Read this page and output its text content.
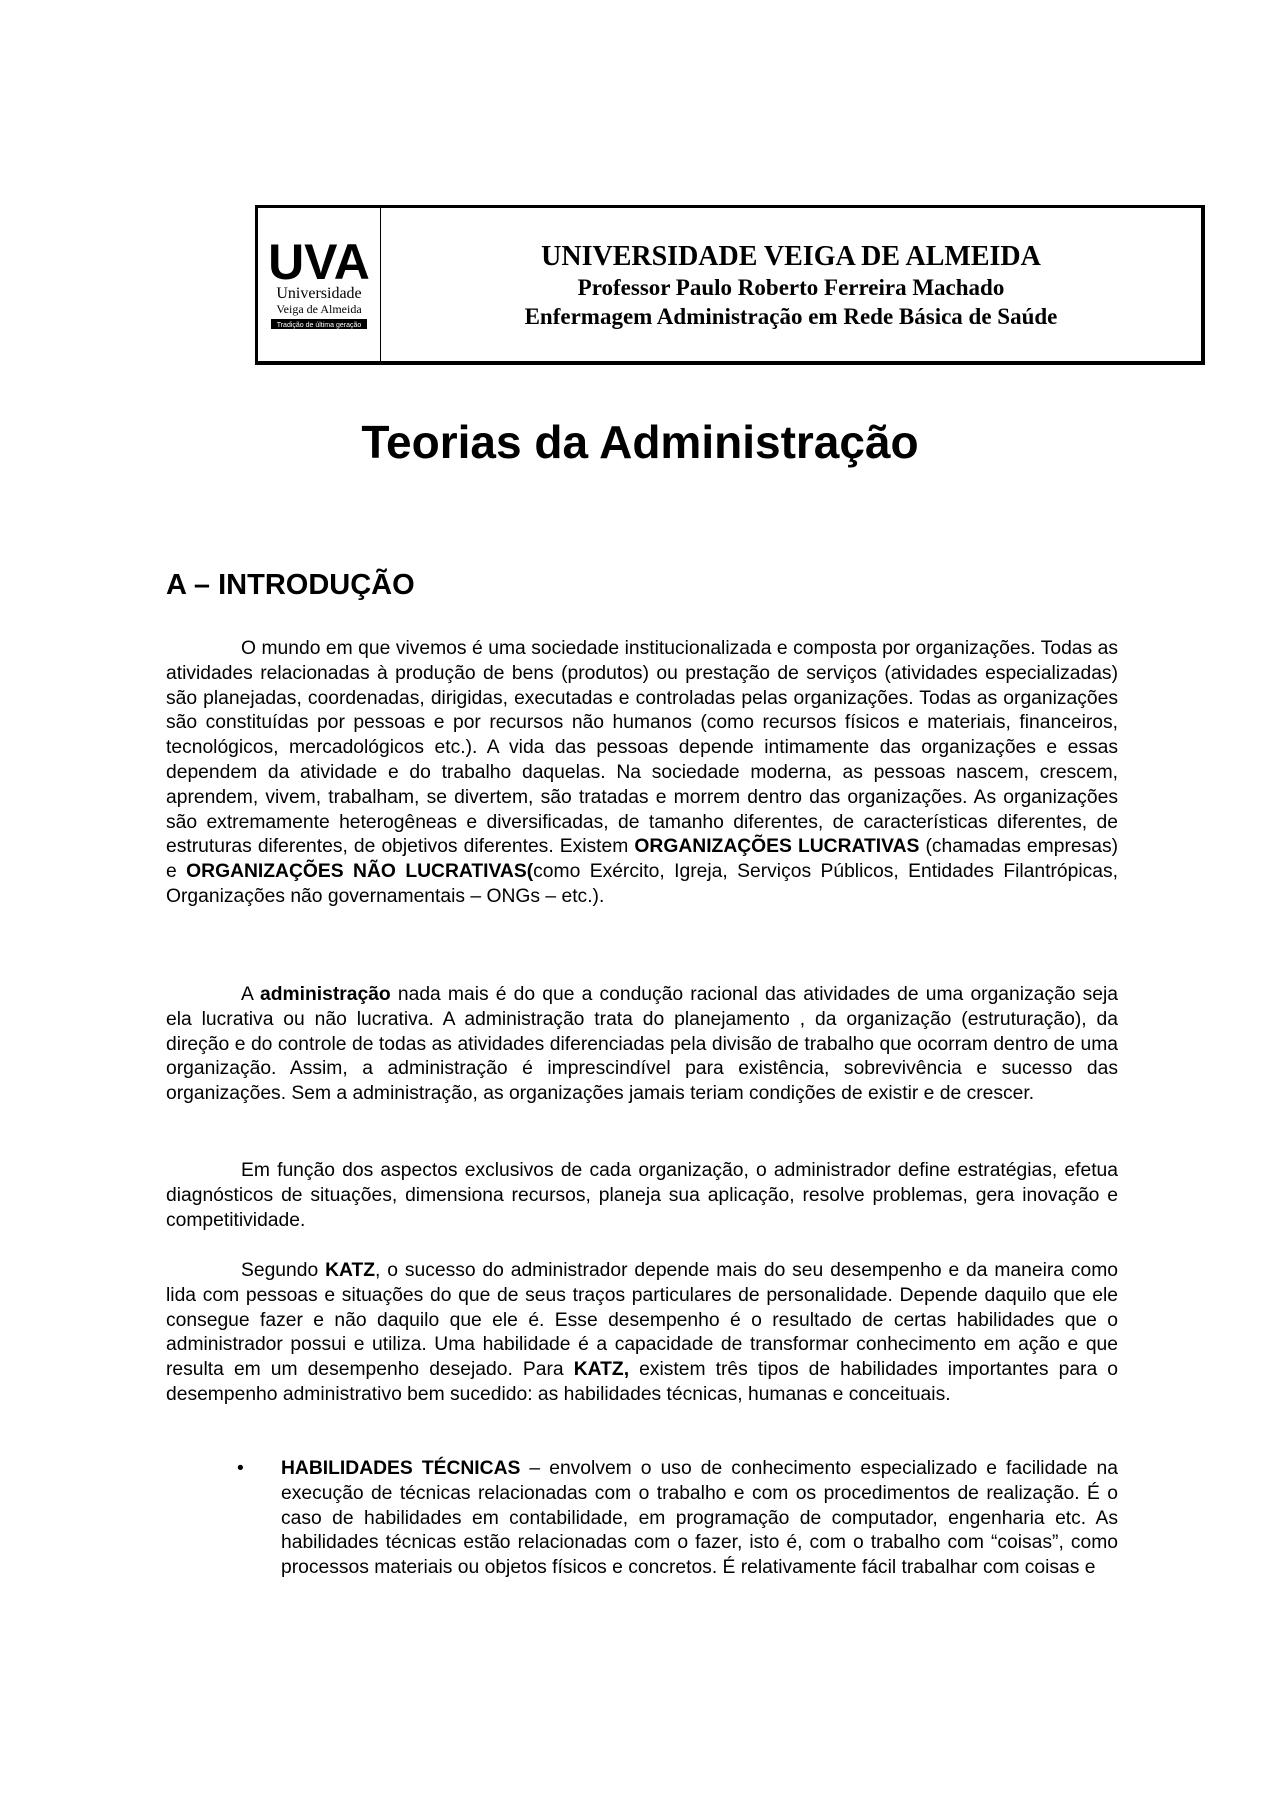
UVA
Universidade
Veiga de Almeida
Tradição de última geração
UNIVERSIDADE VEIGA DE ALMEIDA
Professor Paulo Roberto Ferreira Machado
Enfermagem Administração em Rede Básica de Saúde
Teorias da Administração
A – INTRODUÇÃO

O mundo em que vivemos é uma sociedade institucionalizada e composta por organizações. Todas as atividades relacionadas à produção de bens (produtos) ou prestação de serviços (atividades especializadas) são planejadas, coordenadas, dirigidas, executadas e controladas pelas organizações. Todas as organizações são constituídas por pessoas e por recursos não humanos (como recursos físicos e materiais, financeiros, tecnológicos, mercadológicos etc.). A vida das pessoas depende intimamente das organizações e essas dependem da atividade e do trabalho daquelas. Na sociedade moderna, as pessoas nascem, crescem, aprendem, vivem, trabalham, se divertem, são tratadas e morrem dentro das organizações. As organizações são extremamente heterogêneas e diversificadas, de tamanho diferentes, de características diferentes, de estruturas diferentes, de objetivos diferentes. Existem ORGANIZAÇÕES LUCRATIVAS (chamadas empresas) e ORGANIZAÇÕES NÃO LUCRATIVAS(como Exército, Igreja, Serviços Públicos, Entidades Filantrópicas, Organizações não governamentais – ONGs – etc.).

A administração nada mais é do que a condução racional das atividades de uma organização seja ela lucrativa ou não lucrativa. A administração trata do planejamento , da organização (estruturação), da direção e do controle de todas as atividades diferenciadas pela divisão de trabalho que ocorram dentro de uma organização. Assim, a administração é imprescindível para existência, sobrevivência e sucesso das organizações. Sem a administração, as organizações jamais teriam condições de existir e de crescer.

Em função dos aspectos exclusivos de cada organização, o administrador define estratégias, efetua diagnósticos de situações, dimensiona recursos, planeja sua aplicação, resolve problemas, gera inovação e competitividade.

Segundo KATZ, o sucesso do administrador depende mais do seu desempenho e da maneira como lida com pessoas e situações do que de seus traços particulares de personalidade. Depende daquilo que ele consegue fazer e não daquilo que ele é. Esse desempenho é o resultado de certas habilidades que o administrador possui e utiliza. Uma habilidade é a capacidade de transformar conhecimento em ação e que resulta em um desempenho desejado. Para KATZ, existem três tipos de habilidades importantes para o desempenho administrativo bem sucedido: as habilidades técnicas, humanas e conceituais.

• HABILIDADES TÉCNICAS – envolvem o uso de conhecimento especializado e facilidade na execução de técnicas relacionadas com o trabalho e com os procedimentos de realização. É o caso de habilidades em contabilidade, em programação de computador, engenharia etc. As habilidades técnicas estão relacionadas com o fazer, isto é, com o trabalho com “coisas”, como processos materiais ou objetos físicos e concretos. É relativamente fácil trabalhar com coisas e
